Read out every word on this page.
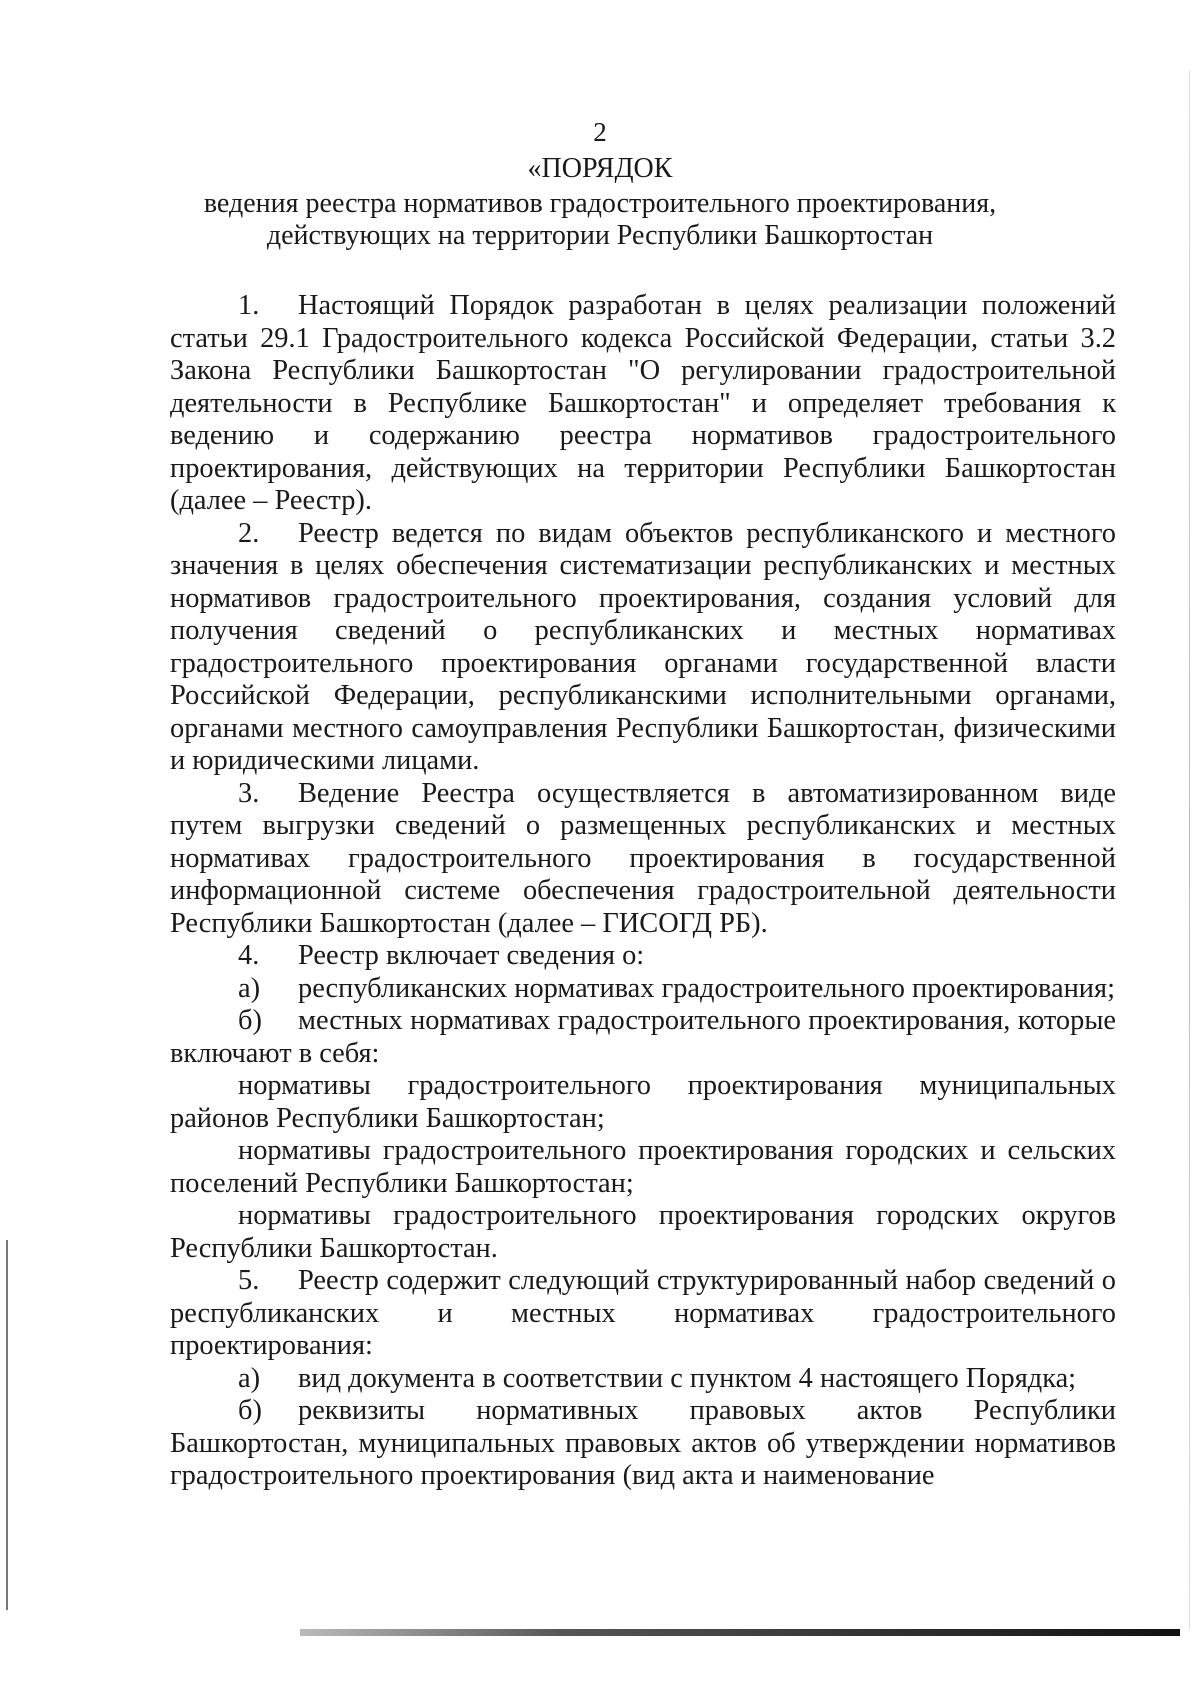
2
«ПОРЯДОК
ведения реестра нормативов градостроительного проектирования,
действующих на территории Республики Башкортостан

1. Настоящий Порядок разработан в целях реализации положений статьи 29.1 Градостроительного кодекса Российской Федерации, статьи 3.2 Закона Республики Башкортостан "О регулировании градостроительной деятельности в Республике Башкортостан" и определяет требования к ведению и содержанию реестра нормативов градостроительного проектирования, действующих на территории Республики Башкортостан (далее – Реестр).

2. Реестр ведется по видам объектов республиканского и местного значения в целях обеспечения систематизации республиканских и местных нормативов градостроительного проектирования, создания условий для получения сведений о республиканских и местных нормативах градостроительного проектирования органами государственной власти Российской Федерации, республиканскими исполнительными органами, органами местного самоуправления Республики Башкортостан, физическими и юридическими лицами.

3. Ведение Реестра осуществляется в автоматизированном виде путем выгрузки сведений о размещенных республиканских и местных нормативах градостроительного проектирования в государственной информационной системе обеспечения градостроительной деятельности Республики Башкортостан (далее – ГИСОГД РБ).

4. Реестр включает сведения о:

а) республиканских нормативах градостроительного проектирования;

б) местных нормативах градостроительного проектирования, которые включают в себя:

нормативы градостроительного проектирования муниципальных районов Республики Башкортостан;

нормативы градостроительного проектирования городских и сельских поселений Республики Башкортостан;

нормативы градостроительного проектирования городских округов Республики Башкортостан.

5. Реестр содержит следующий структурированный набор сведений о республиканских и местных нормативах градостроительного проектирования:

а) вид документа в соответствии с пунктом 4 настоящего Порядка;

б) реквизиты нормативных правовых актов Республики Башкортостан, муниципальных правовых актов об утверждении нормативов градостроительного проектирования (вид акта и наименование
